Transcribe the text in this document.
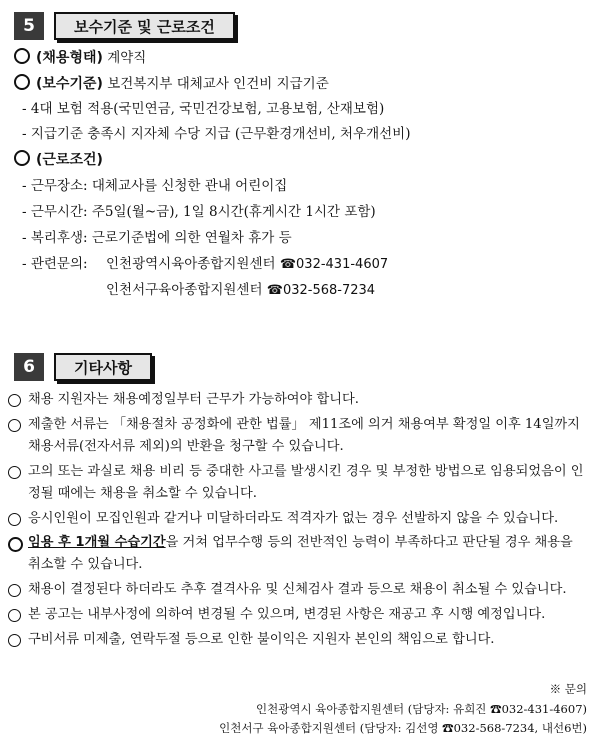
5	보수기준 및 근로조건
(채용형태) 계약직
(보수기준) 보건복지부 대체교사 인건비 지급기준
- 4대 보험 적용(국민연금, 국민건강보험, 고용보험, 산재보험)
- 지급기준 충족시 지자체 수당 지급 (근무환경개선비, 처우개선비)
(근로조건)
- 근무장소: 대체교사를 신청한 관내 어린이집
- 근무시간: 주5일(월~금), 1일 8시간(휴게시간 1시간 포함)
- 복리후생: 근로기준법에 의한 연월차 휴가 등
- 관련문의: 인천광역시육아종합지원센터 ☎032-431-4607
인천서구육아종합지원센터 ☎032-568-7234
6	기타사항
채용 지원자는 채용예정일부터 근무가 가능하여야 합니다.
제출한 서류는 「채용절차 공정화에 관한 법률」 제11조에 의거 채용여부 확정일 이후 14일까지 채용서류(전자서류 제외)의 반환을 청구할 수 있습니다.
고의 또는 과실로 채용 비리 등 중대한 사고를 발생시킨 경우 및 부정한 방법으로 임용되었음이 인정될 때에는 채용을 취소할 수 있습니다.
응시인원이 모집인원과 같거나 미달하더라도 적격자가 없는 경우 선발하지 않을 수 있습니다.
임용 후 1개월 수습기간을 거쳐 업무수행 등의 전반적인 능력이 부족하다고 판단될 경우 채용을 취소할 수 있습니다.
채용이 결정된다 하더라도 추후 결격사유 및 신체검사 결과 등으로 채용이 취소될 수 있습니다.
본 공고는 내부사정에 의하여 변경될 수 있으며, 변경된 사항은 재공고 후 시행 예정입니다.
구비서류 미제출, 연락두절 등으로 인한 불이익은 지원자 본인의 책임으로 합니다.
※ 문의
인천광역시 육아종합지원센터 (담당자: 유희진 ☎032-431-4607)
인천서구 육아종합지원센터 (담당자: 김선영 ☎032-568-7234, 내선6번)
